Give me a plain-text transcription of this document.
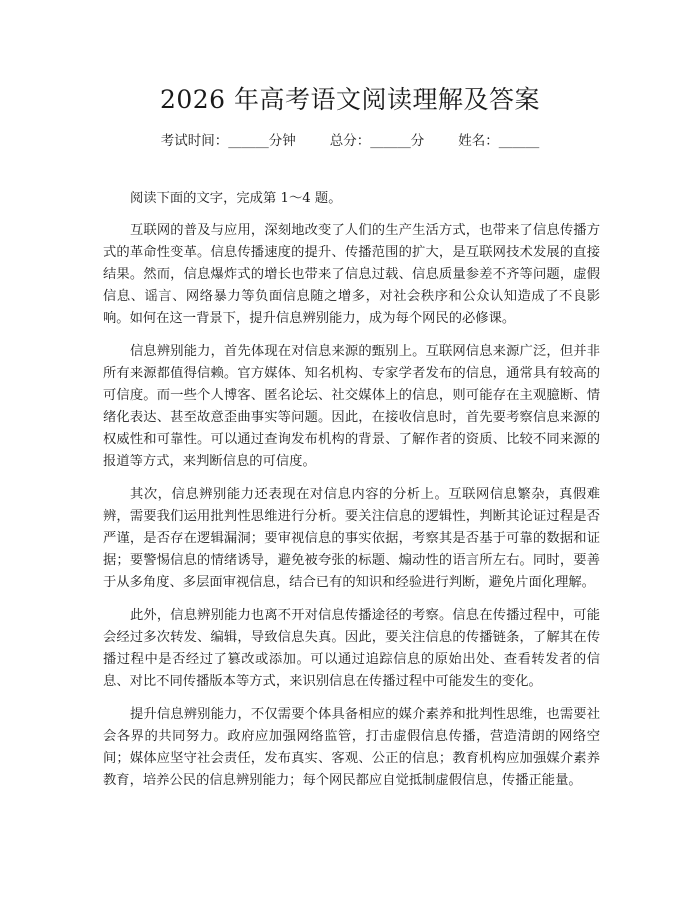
2026 年高考语文阅读理解及答案
考试时间：______分钟	总分：______分	姓名：______

阅读下面的文字，完成第 1～4 题。

互联网的普及与应用，深刻地改变了人们的生产生活方式，也带来了信息传播方式的革命性变革。信息传播速度的提升、传播范围的扩大，是互联网技术发展的直接结果。然而，信息爆炸式的增长也带来了信息过载、信息质量参差不齐等问题，虚假信息、谣言、网络暴力等负面信息随之增多，对社会秩序和公众认知造成了不良影响。如何在这一背景下，提升信息辨别能力，成为每个网民的必修课。

信息辨别能力，首先体现在对信息来源的甄别上。互联网信息来源广泛，但并非所有来源都值得信赖。官方媒体、知名机构、专家学者发布的信息，通常具有较高的可信度。而一些个人博客、匿名论坛、社交媒体上的信息，则可能存在主观臆断、情绪化表达、甚至故意歪曲事实等问题。因此，在接收信息时，首先要考察信息来源的权威性和可靠性。可以通过查询发布机构的背景、了解作者的资质、比较不同来源的报道等方式，来判断信息的可信度。

其次，信息辨别能力还表现在对信息内容的分析上。互联网信息繁杂，真假难辨，需要我们运用批判性思维进行分析。要关注信息的逻辑性，判断其论证过程是否严谨，是否存在逻辑漏洞；要审视信息的事实依据，考察其是否基于可靠的数据和证据；要警惕信息的情绪诱导，避免被夸张的标题、煽动性的语言所左右。同时，要善于从多角度、多层面审视信息，结合已有的知识和经验进行判断，避免片面化理解。

此外，信息辨别能力也离不开对信息传播途径的考察。信息在传播过程中，可能会经过多次转发、编辑，导致信息失真。因此，要关注信息的传播链条，了解其在传播过程中是否经过了篡改或添加。可以通过追踪信息的原始出处、查看转发者的信息、对比不同传播版本等方式，来识别信息在传播过程中可能发生的变化。

提升信息辨别能力，不仅需要个体具备相应的媒介素养和批判性思维，也需要社会各界的共同努力。政府应加强网络监管，打击虚假信息传播，营造清朗的网络空间；媒体应坚守社会责任，发布真实、客观、公正的信息；教育机构应加强媒介素养教育，培养公民的信息辨别能力；每个网民都应自觉抵制虚假信息，传播正能量。
